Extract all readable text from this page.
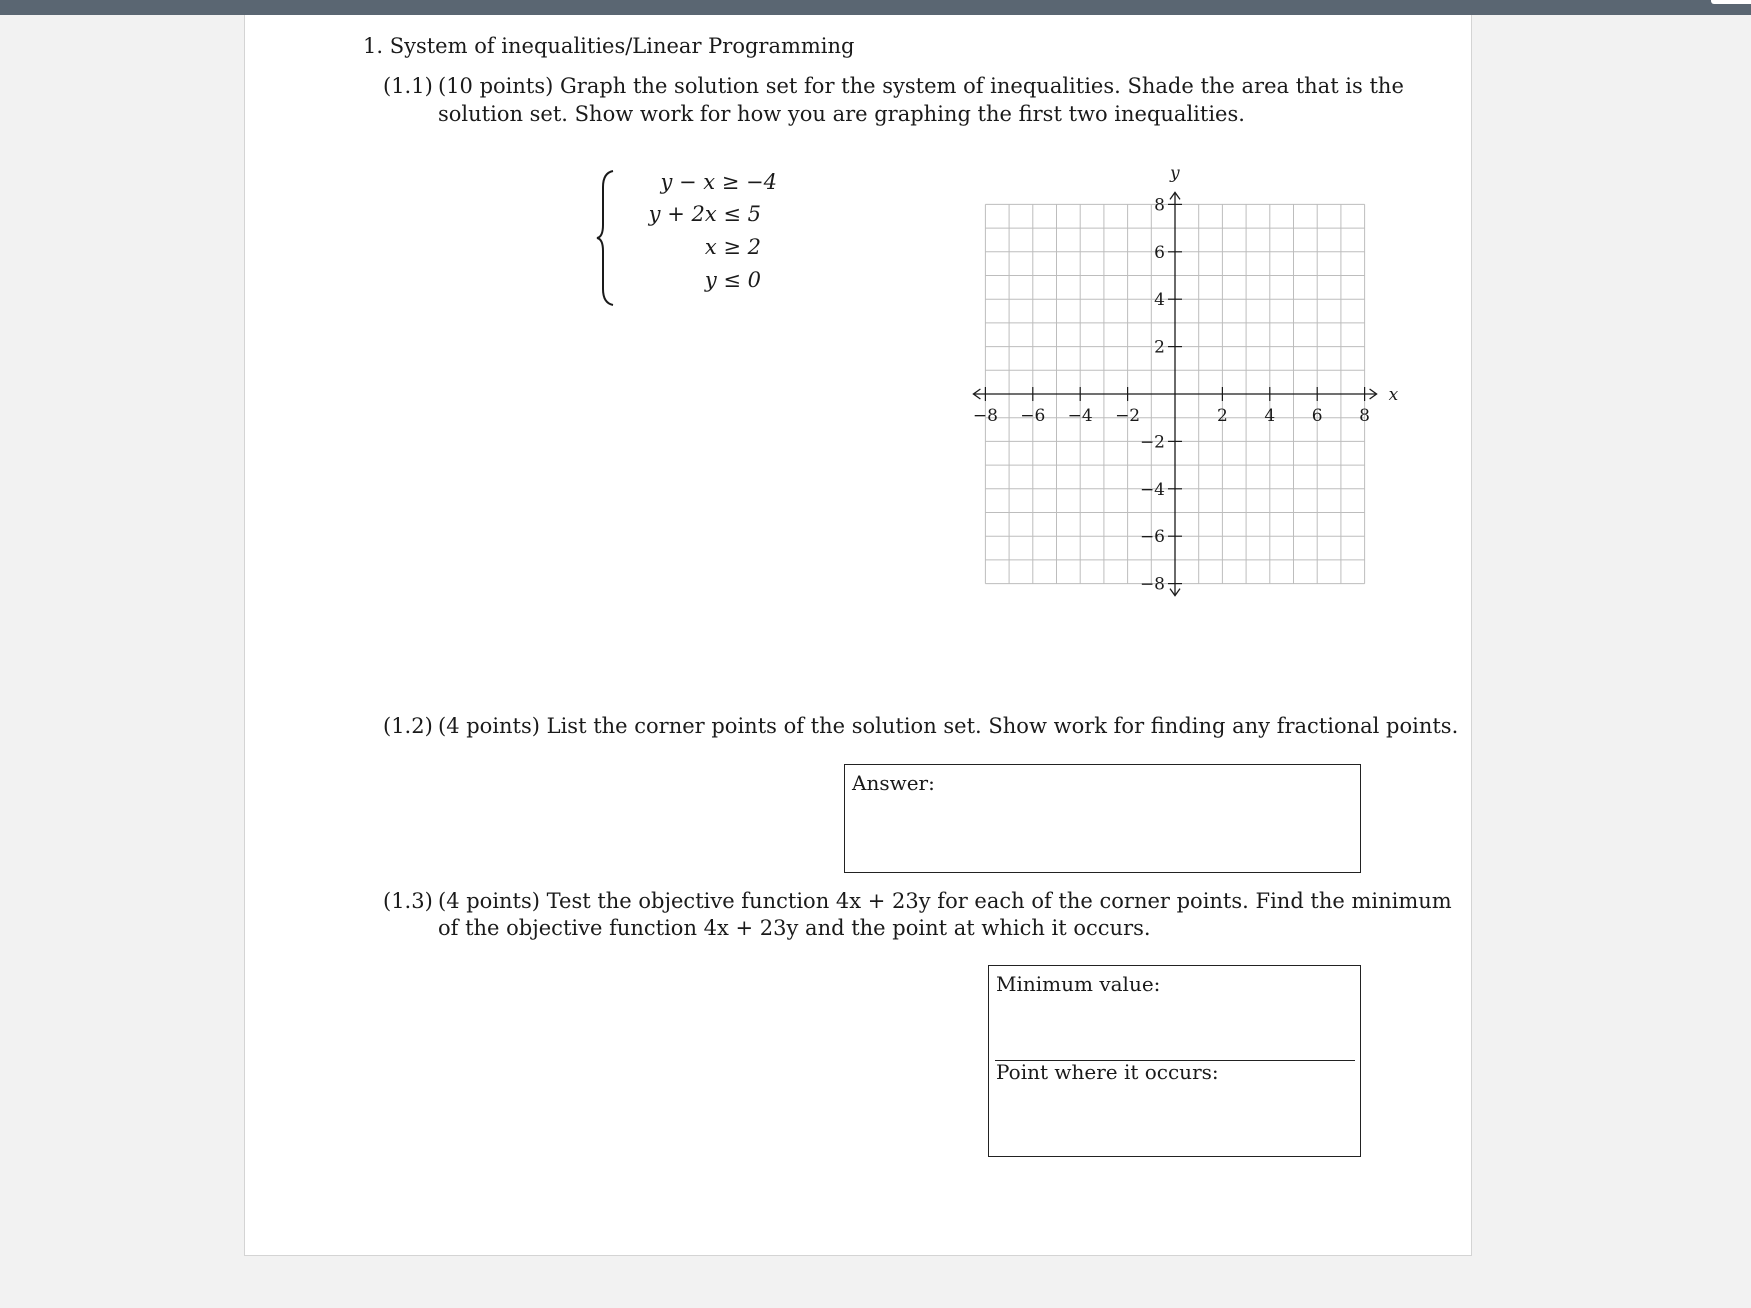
1. System of inequalities/Linear Programming
(1.1) (10 points) Graph the solution set for the system of inequalities. Shade the area that is the
solution set. Show work for how you are graphing the first two inequalities.
y − x ≥ −4
y + 2x ≤ 5
x ≥ 2
y ≤ 0
−8 −6 −4 −2	2 4 6 8
8
6
4
2
−2
−4
−6
−8
x
y
(1.2) (4 points) List the corner points of the solution set. Show work for finding any fractional points.
Answer:
(1.3) (4 points) Test the objective function 4x + 23y for each of the corner points. Find the minimum
of the objective function 4x + 23y and the point at which it occurs.
Minimum value:
Point where it occurs:
